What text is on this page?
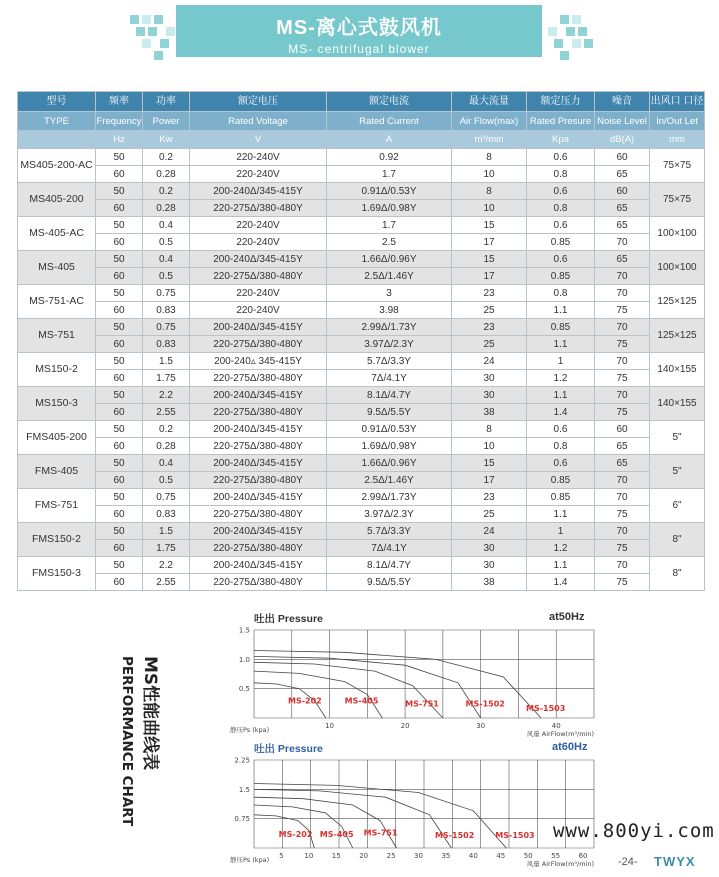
MS-离心式鼓风机
MS- centrifugal blower
型号	频率	功率	额定电压	额定电流	最大流量	额定压力	噪音	出风口 口径
TYPE	Frequency	Power	Rated Voltage	Rated Current	Air Flow(max)	Rated Presure	Noise Level	In/Out Let
	Hz	Kw	V	A	m³/min	Kpa	dB(A)	mm
MS405-200-AC	50	0.2	220-240V	0.92	8	0.6	60	75×75
	60	0.28	220-240V	1.7	10	0.8	65	
MS405-200	50	0.2	200-240Δ/345-415Y	0.91Δ/0.53Y	8	0.6	60	75×75
	60	0.28	220-275Δ/380-480Y	1.69Δ/0.98Y	10	0.8	65	
MS-405-AC	50	0.4	220-240V	1.7	15	0.6	65	100×100
	60	0.5	220-240V	2.5	17	0.85	70	
MS-405	50	0.4	200-240Δ/345-415Y	1.66Δ/0.96Y	15	0.6	65	100×100
	60	0.5	220-275Δ/380-480Y	2.5Δ/1.46Y	17	0.85	70	
MS-751-AC	50	0.75	220-240V	3	23	0.8	70	125×125
	60	0.83	220-240V	3.98	25	1.1	75	
MS-751	50	0.75	200-240Δ/345-415Y	2.99Δ/1.73Y	23	0.85	70	125×125
	60	0.83	220-275Δ/380-480Y	3.97Δ/2.3Y	25	1.1	75	
MS150-2	50	1.5	200-240▵ 345-415Y	5.7Δ/3.3Y	24	1	70	140×155
	60	1.75	220-275Δ/380-480Y	7Δ/4.1Y	30	1.2	75	
MS150-3	50	2.2	200-240Δ/345-415Y	8.1Δ/4.7Y	30	1.1	70	140×155
	60	2.55	220-275Δ/380-480Y	9.5Δ/5.5Y	38	1.4	75	
FMS405-200	50	0.2	200-240Δ/345-415Y	0.91Δ/0.53Y	8	0.6	60	5"
	60	0.28	220-275Δ/380-480Y	1.69Δ/0.98Y	10	0.8	65	
FMS-405	50	0.4	200-240Δ/345-415Y	1.66Δ/0.96Y	15	0.6	65	5"
	60	0.5	220-275Δ/380-480Y	2.5Δ/1.46Y	17	0.85	70	
FMS-751	50	0.75	200-240Δ/345-415Y	2.99Δ/1.73Y	23	0.85	70	6"
	60	0.83	220-275Δ/380-480Y	3.97Δ/2.3Y	25	1.1	75	
FMS150-2	50	1.5	200-240Δ/345-415Y	5.7Δ/3.3Y	24	1	70	8"
	60	1.75	220-275Δ/380-480Y	7Δ/4.1Y	30	1.2	75	
FMS150-3	50	2.2	200-240Δ/345-415Y	8.1Δ/4.7Y	30	1.1	70	8"
	60	2.55	220-275Δ/380-480Y	9.5Δ/5.5Y	38	1.4	75	
MS性能曲线表
PERFORMANCE CHART
吐出 Pressure	at50Hz
1.5
1.0
0.5
10	20	30	40
静压Ps (kpa)	风量 AirFlow(m³/min)
MS-202	MS-405	MS-751	MS-1502
MS-1503
吐出 Pressure	at60Hz
2.25
1.5
0.75
5	10	15	20	25	30	35	40	45	50	55	60
静压Ps (kpa)	风量 AirFlow(m³/min)
MS-202 MS-405 MS-751	MS-1502	MS-1503 www.800yi.com
-24- TWYX
